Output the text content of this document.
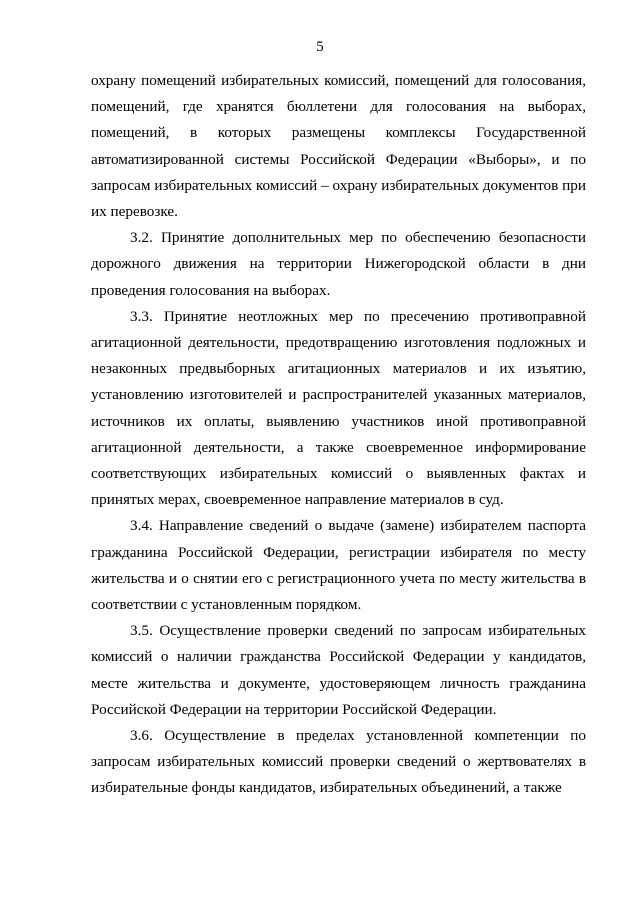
5

охрану помещений избирательных комиссий, помещений для голосования, помещений, где хранятся бюллетени для голосования на выборах, помещений, в которых размещены комплексы Государственной автоматизированной системы Российской Федерации «Выборы», и по запросам избирательных комиссий – охрану избирательных документов при их перевозке.

3.2. Принятие дополнительных мер по обеспечению безопасности дорожного движения на территории Нижегородской области в дни проведения голосования на выборах.

3.3. Принятие неотложных мер по пресечению противоправной агитационной деятельности, предотвращению изготовления подложных и незаконных предвыборных агитационных материалов и их изъятию, установлению изготовителей и распространителей указанных материалов, источников их оплаты, выявлению участников иной противоправной агитационной деятельности, а также своевременное информирование соответствующих избирательных комиссий о выявленных фактах и принятых мерах, своевременное направление материалов в суд.

3.4. Направление сведений о выдаче (замене) избирателем паспорта гражданина Российской Федерации, регистрации избирателя по месту жительства и о снятии его с регистрационного учета по месту жительства в соответствии с установленным порядком.

3.5. Осуществление проверки сведений по запросам избирательных комиссий о наличии гражданства Российской Федерации у кандидатов, месте жительства и документе, удостоверяющем личность гражданина Российской Федерации на территории Российской Федерации.

3.6. Осуществление в пределах установленной компетенции по запросам избирательных комиссий проверки сведений о жертвователях в избирательные фонды кандидатов, избирательных объединений, а также
